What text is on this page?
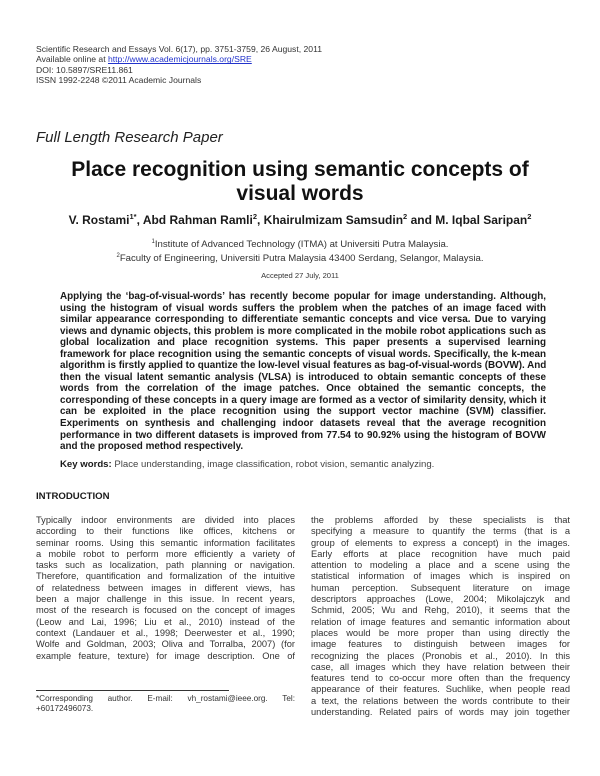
Scientific Research and Essays Vol. 6(17), pp. 3751-3759, 26 August, 2011
Available online at http://www.academicjournals.org/SRE
DOI: 10.5897/SRE11.861
ISSN 1992-2248 ©2011 Academic Journals
Full Length Research Paper
Place recognition using semantic concepts of
visual words
V. Rostami$^{1*}$, Abd Rahman Ramli$^2$, Khairulmizam Samsudin$^2$ and M. Iqbal Saripan$^2$
$^1$Institute of Advanced Technology (ITMA) at Universiti Putra Malaysia.
$^2$Faculty of Engineering, Universiti Putra Malaysia 43400 Serdang, Selangor, Malaysia.
Accepted 27 July, 2011
Applying the ‘bag-of-visual-words’ has recently become popular for image understanding. Although,
using the histogram of visual words suffers the problem when the patches of an image faced with
similar appearance corresponding to differentiate semantic concepts and vice versa. Due to varying
views and dynamic objects, this problem is more complicated in the mobile robot applications such as
global localization and place recognition systems. This paper presents a supervised learning
framework for place recognition using the semantic concepts of visual words. Specifically, the k-mean
algorithm is firstly applied to quantize the low-level visual features as bag-of-visual-words (BOVW). And
then the visual latent semantic analysis (VLSA) is introduced to obtain semantic concepts of these
words from the correlation of the image patches. Once obtained the semantic concepts, the
corresponding of these concepts in a query image are formed as a vector of similarity density, which it
can be exploited in the place recognition using the support vector machine (SVM) classifier.
Experiments on synthesis and challenging indoor datasets reveal that the average recognition
performance in two different datasets is improved from 77.54 to 90.92% using the histogram of BOVW
and the proposed method respectively.
Key words: Place understanding, image classification, robot vision, semantic analyzing.
INTRODUCTION
Typically indoor environments are divided into places
according to their functions like offices, kitchens or
seminar rooms. Using this semantic information facilitates
a mobile robot to perform more efficiently a variety of
tasks such as localization, path planning or navigation.
Therefore, quantification and formalization of the intuitive
of relatedness between images in different views, has
been a major challenge in this issue. In recent years,
most of the research is focused on the concept of images
(Leow and Lai, 1996; Liu et al., 2010) instead of the
context (Landauer et al., 1998; Deerwester et al., 1990;
Wolfe and Goldman, 2003; Oliva and Torralba, 2007) (for
example feature, texture) for image description. One of
the problems afforded by these specialists is that
specifying a measure to quantify the terms (that is a
group of elements to express a concept) in the images.
Early efforts at place recognition have much paid
attention to modeling a place and a scene using the
statistical information of images which is inspired on
human perception. Subsequent literature on image
descriptors approaches (Lowe, 2004; Mikolajczyk and
Schmid, 2005; Wu and Rehg, 2010), it seems that the
relation of image features and semantic information about
places would be more proper than using directly the
image features to distinguish between images for
recognizing the places (Pronobis et al., 2010). In this
case, all images which they have relation between their
features tend to co-occur more often than the frequency
appearance of their features. Suchlike, when people read
a text, the relations between the words contribute to their
understanding. Related pairs of words may join together
*Corresponding author. E-mail: vh_rostami@ieee.org. Tel:
+60172496073.
